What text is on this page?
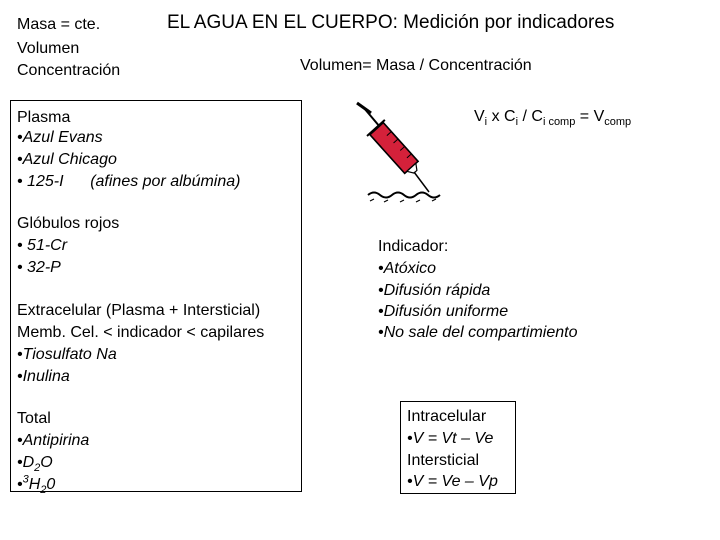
Masa = cte.
Volumen
Concentración
EL AGUA EN EL CUERPO: Medición por indicadores
Volumen= Masa / Concentración
$V_i$ x $C_i / C_{i comp} = V_{comp}$
Plasma
•Azul Evans
•Azul Chicago
• 125-I      (afines por albúmina)
Glóbulos rojos
• 51-Cr
• 32-P
Extracelular (Plasma + Intersticial)
Memb. Cel. < indicador < capilares
•Tiosulfato Na
•Inulina
Total
•Antipirina
$•D_2O$
$•^3H_20$
Indicador:
•Atóxico
•Difusión rápida
•Difusión uniforme
•No sale del compartimiento
Intracelular
•V = Vt – Ve
Intersticial
•V = Ve – Vp
